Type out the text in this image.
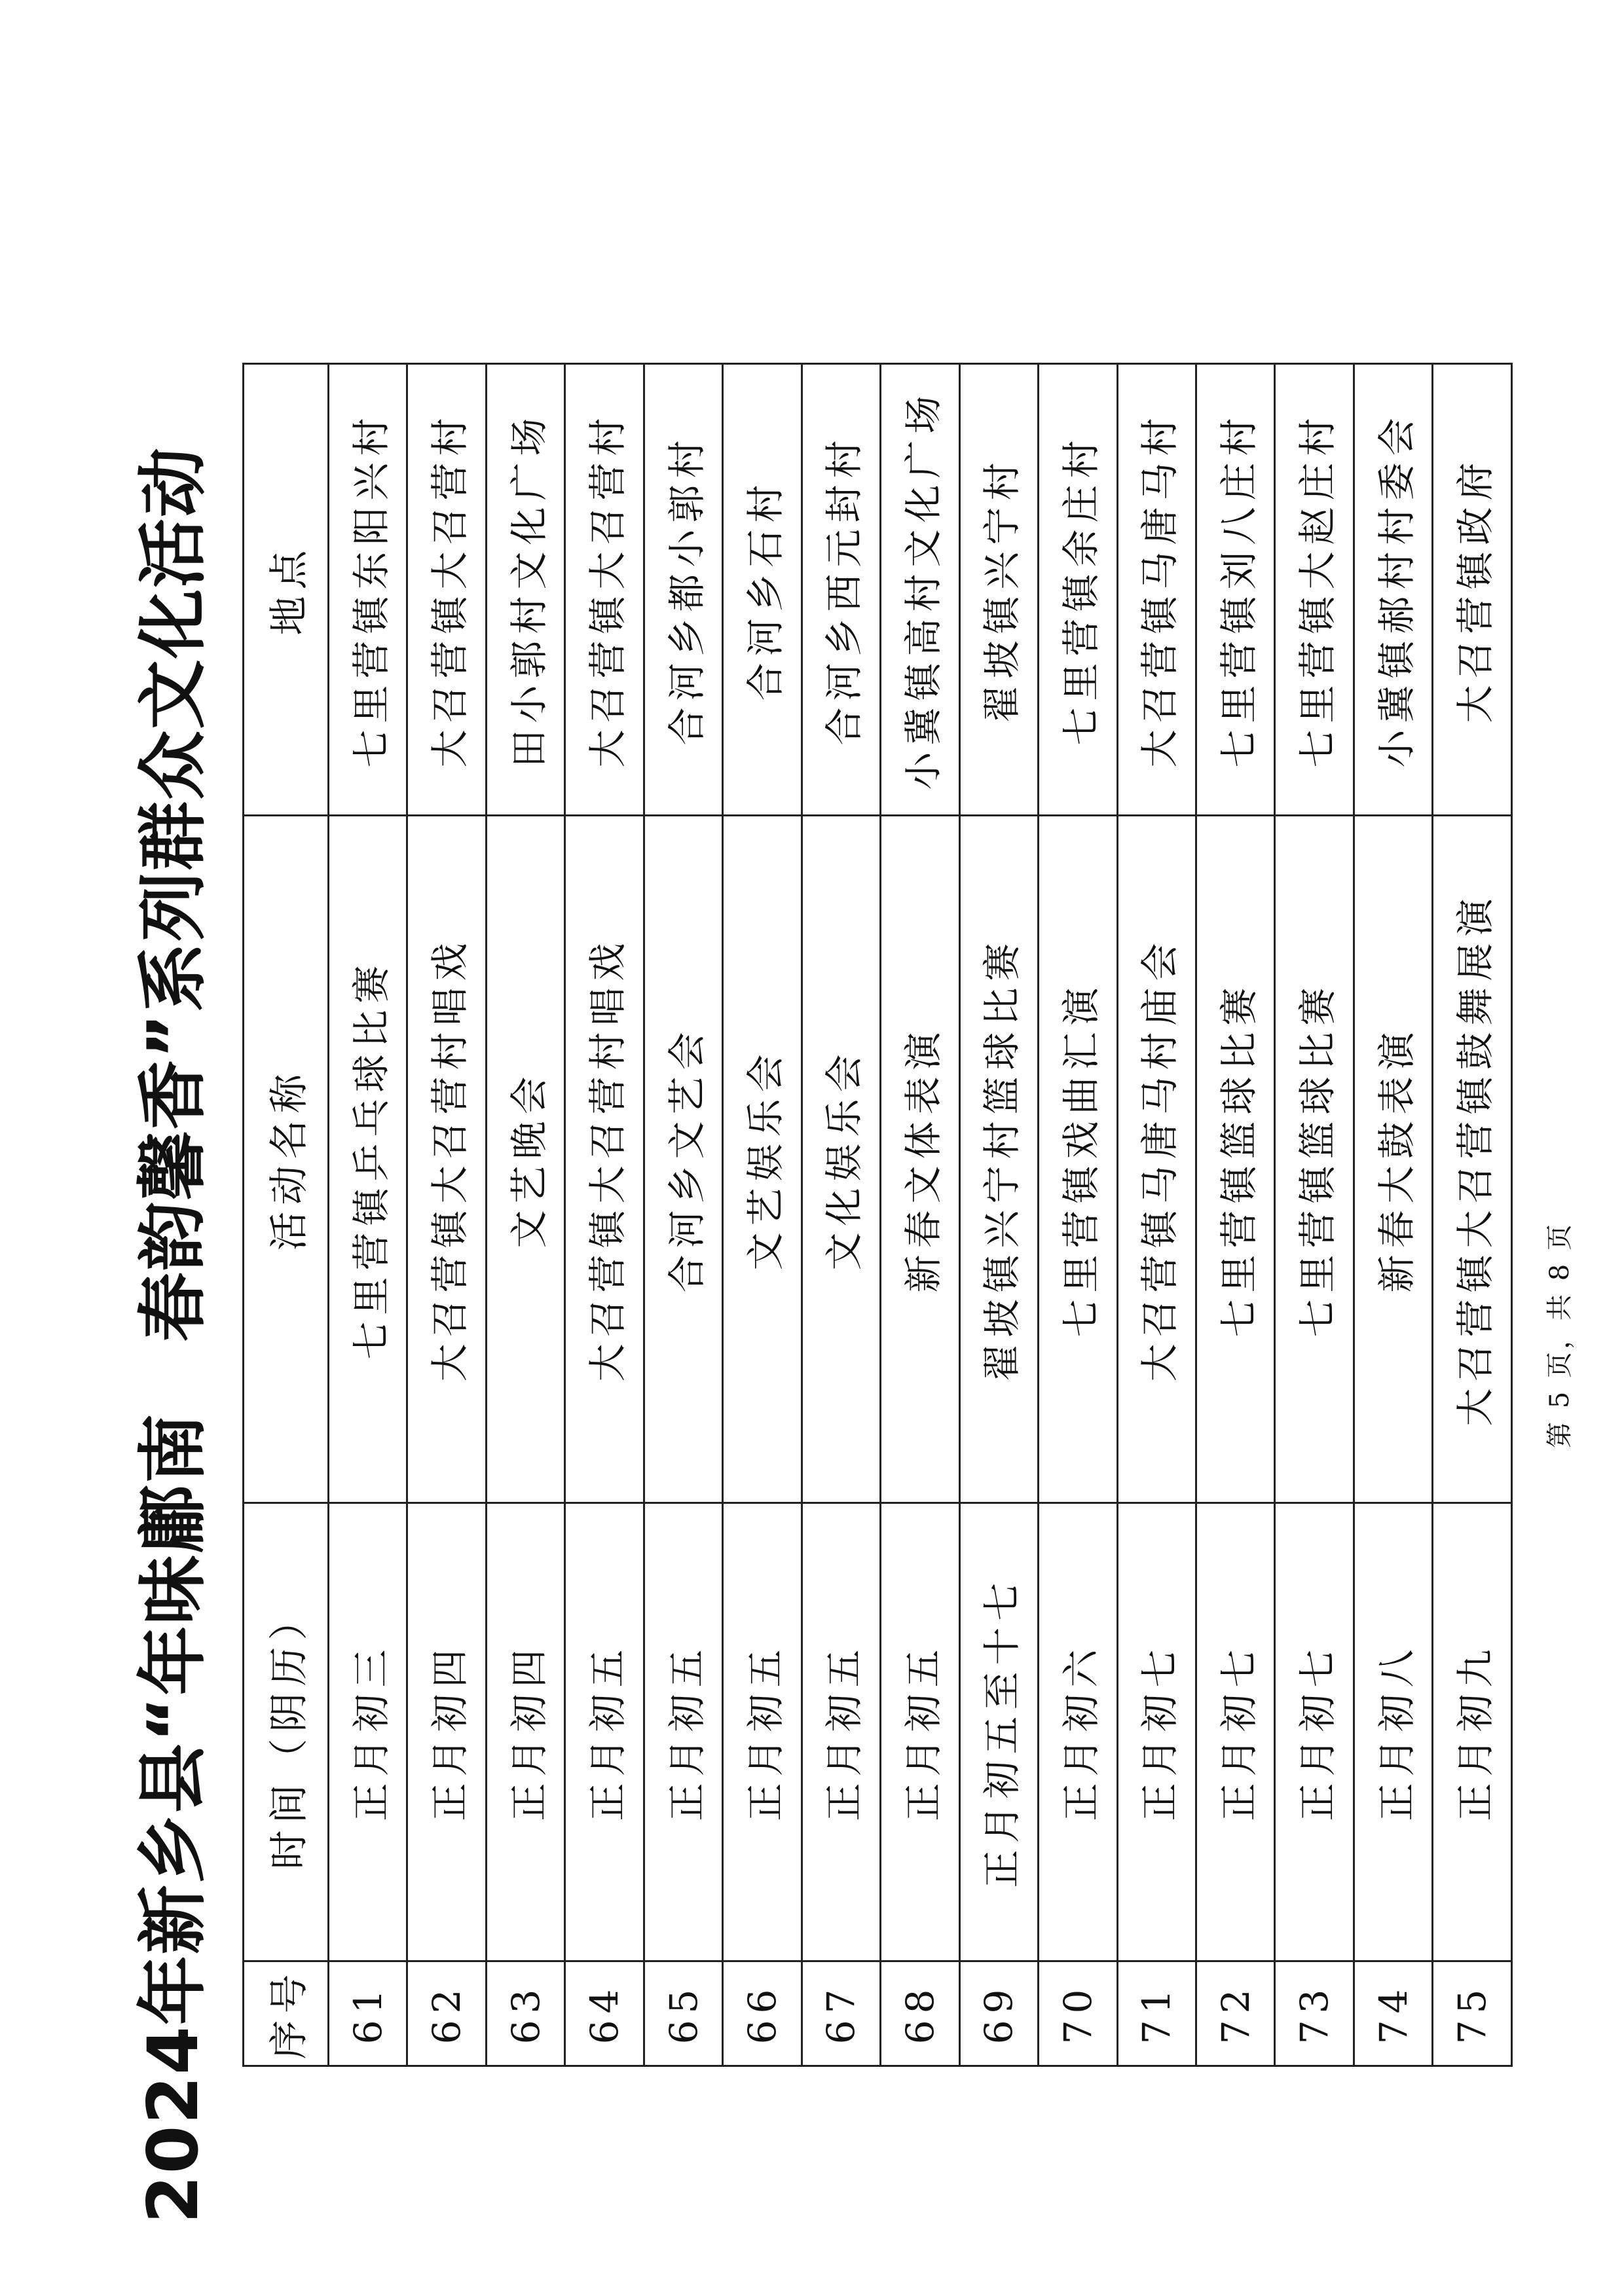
2024年新乡县“年味鄘南　春韵馨香”系列群众文化活动 序号	时间（阴历）	活动名称	地点
61	正月初三	七里营镇乒乓球比赛	七里营镇东阳兴村
62	正月初四	大召营镇大召营村唱戏	大召营镇大召营村
63	正月初四	文艺晚会	田小郭村文化广场
64	正月初五	大召营镇大召营村唱戏	大召营镇大召营村
65	正月初五	合河乡文艺会	合河乡都小郭村
66	正月初五	文艺娱乐会	合河乡石村
67	正月初五	文化娱乐会	合河乡西元封村
68	正月初五	新春文体表演	小冀镇高村文化广场
69	正月初五至十七	翟坡镇兴宁村篮球比赛	翟坡镇兴宁村
70	正月初六	七里营镇戏曲汇演	七里营镇余庄村
71	正月初七	大召营镇马唐马村庙会	大召营镇马唐马村
72	正月初七	七里营镇篮球比赛	七里营镇刘八庄村
73	正月初七	七里营镇篮球比赛	七里营镇大赵庄村
74	正月初八	新春大鼓表演	小冀镇郝村村委会
75	正月初九	大召营镇大召营镇鼓舞展演	大召营镇政府
第 5 页，共 8 页
